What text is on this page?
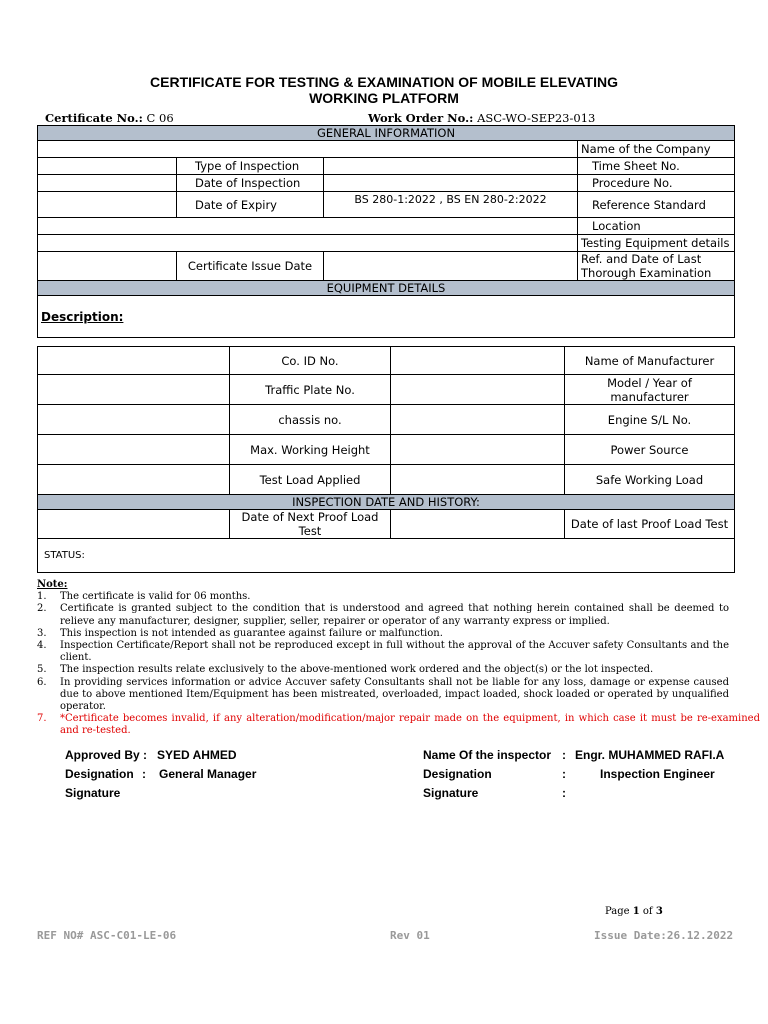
CERTIFICATE FOR TESTING & EXAMINATION OF MOBILE ELEVATING
WORKING PLATFORM
Certificate No.: C 06	Work Order No.: ASC-WO-SEP23-013
GENERAL INFORMATION			
			Name of the Company
	Type of Inspection		Time Sheet No.
	Date of Inspection		Procedure No.
	Date of Expiry	BS 280-1:2022 , BS EN 280-2:2022	Reference Standard
			Location
			Testing Equipment details
	Certificate Issue Date		Ref. and Date of Last Thorough Examination
EQUIPMENT DETAILS			
Description:			
	Co. ID No.		Name of Manufacturer
	Traffic Plate No.		Model / Year of manufacturer
	chassis no.		Engine S/L No.
	Max. Working Height		Power Source
	Test Load Applied		Safe Working Load
INSPECTION DATE AND HISTORY:			
	Date of Next Proof Load Test		Date of last Proof Load Test
STATUS:			
Note:
1. The certificate is valid for 06 months.
2. Certificate is granted subject to the condition that is understood and agreed that nothing herein contained shall be deemed to relieve any manufacturer, designer, supplier, seller, repairer or operator of any warranty express or implied.
3. This inspection is not intended as guarantee against failure or malfunction.
4. Inspection Certificate/Report shall not be reproduced except in full without the approval of the Accuver safety Consultants and the client.
5. The inspection results relate exclusively to the above-mentioned work ordered and the object(s) or the lot inspected.
6. In providing services information or advice Accuver safety Consultants shall not be liable for any loss, damage or expense caused due to above mentioned Item/Equipment has been mistreated, overloaded, impact loaded, shock loaded or operated by unqualified operator.
7. *Certificate becomes invalid, if any alteration/modification/major repair made on the equipment, in which case it must be re-examined and re-tested.
Approved By : SYED AHMED
Designation : General Manager
Signature
Name Of the inspector : Engr. MUHAMMED RAFI.A
Designation	:	Inspection Engineer
Signature	:
Page 1 of 3
REF NO# ASC-C01-LE-06	Rev 01	Issue Date:26.12.2022
